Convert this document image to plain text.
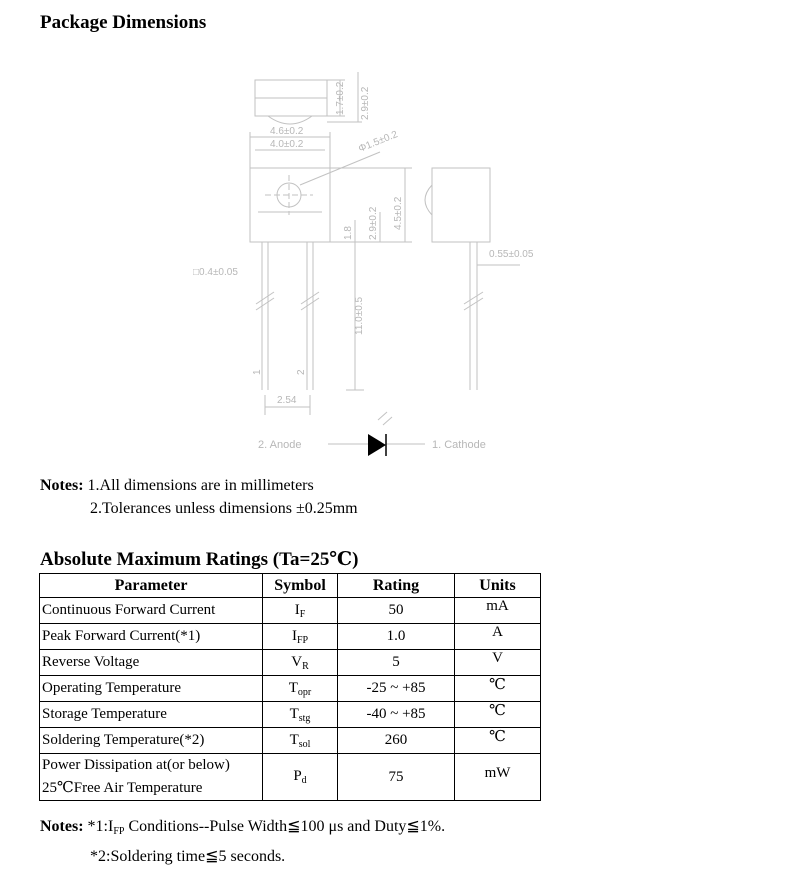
Package Dimensions
1.7±0.2 2.9±0.2
4.6±0.2
4.0±0.2	Φ1.5±0.2
4.5±0.2
2.9±0.2
1.8
□0.4±0.05
0.55±0.05
11.0±0.5
2.54
1	2
2. Anode	1. Cathode
Notes: 1.All dimensions are in millimeters
2.Tolerances unless dimensions ±0.25mm
Absolute Maximum Ratings (Ta=25℃)
Parameter	Symbol	Rating	Units
Continuous Forward Current	$I_F$	50	mA
Peak Forward Current(*1)	$I_{FP}$	1.0	A
Reverse Voltage	$V_R$	5	V
Operating Temperature	$T_{opr}$	-25 ~ +85	℃
Storage Temperature	$T_{stg}$	-40 ~ +85	℃
Soldering Temperature(*2)	$T_{sol}$	260	℃

Power Dissipation at(or below)
25℃Free Air Temperature	$P_d$	75	mW
Notes: $*1:I_{FP}$ Conditions--Pulse Width≦100 μs and Duty≦1%.
*2:Soldering time≦5 seconds.
